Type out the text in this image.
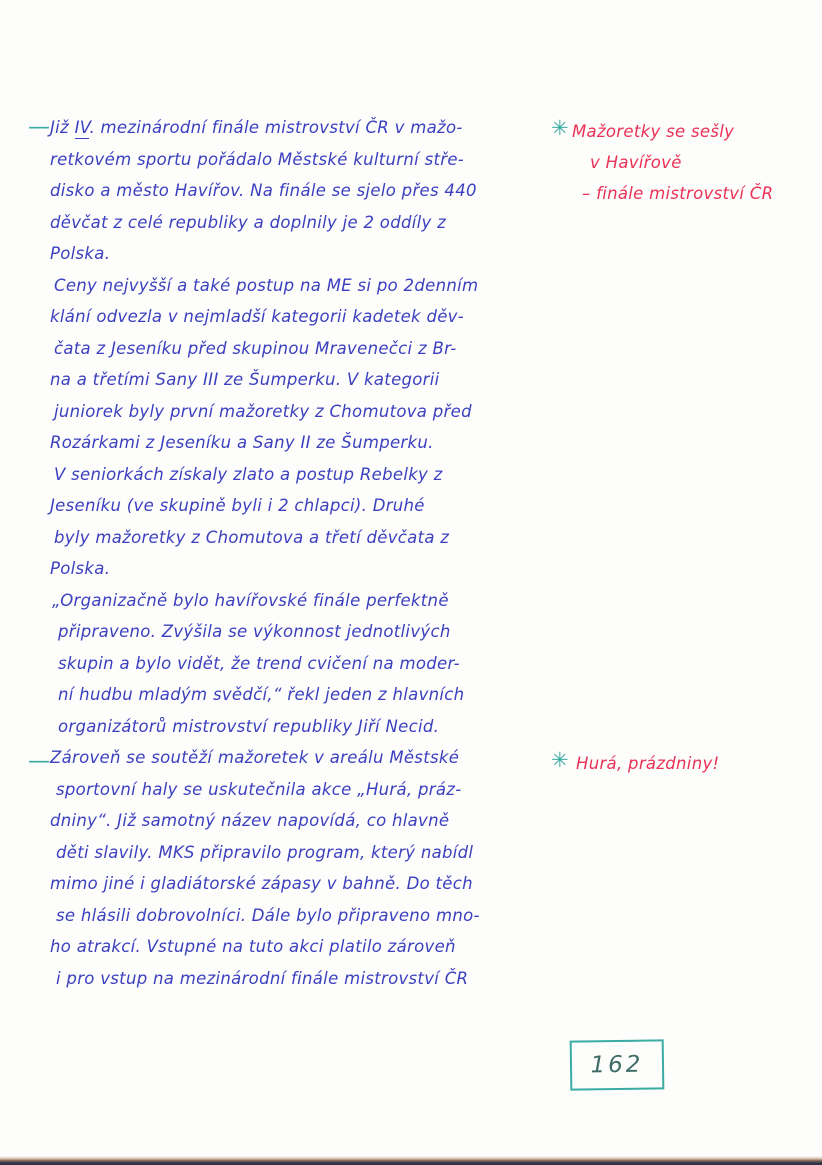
—
—
Již IV. mezinárodní finále mistrovství ČR v mažo-
retkovém sportu pořádalo Městské kulturní stře-
disko a město Havířov. Na finále se sjelo přes 440
děvčat z celé republiky a doplnily je 2 oddíly z
Polska.
Ceny nejvyšší a také postup na ME si po 2denním
klání odvezla v nejmladší kategorii kadetek děv-
čata z Jeseníku před skupinou Mravenečci z Br-
na a třetími Sany III ze Šumperku. V kategorii
juniorek byly první mažoretky z Chomutova před
Rozárkami z Jeseníku a Sany II ze Šumperku.
V seniorkách získaly zlato a postup Rebelky z
Jeseníku (ve skupině byli i 2 chlapci). Druhé
byly mažoretky z Chomutova a třetí děvčata z
Polska.
„Organizačně bylo havířovské finále perfektně
připraveno. Zvýšila se výkonnost jednotlivých
skupin a bylo vidět, že trend cvičení na moder-
ní hudbu mladým svědčí,“ řekl jeden z hlavních
organizátorů mistrovství republiky Jiří Necid.
Zároveň se soutěží mažoretek v areálu Městské
sportovní haly se uskutečnila akce „Hurá, práz-
dniny“. Již samotný název napovídá, co hlavně
děti slavily. MKS připravilo program, který nabídl
mimo jiné i gladiátorské zápasy v bahně. Do těch
se hlásili dobrovolníci. Dále bylo připraveno mno-
ho atrakcí. Vstupné na tuto akci platilo zároveň
i pro vstup na mezinárodní finále mistrovství ČR
✳ Mažoretky se sešly
v Havířově
– finále mistrovství ČR
✳ Hurá, prázdniny!
162
